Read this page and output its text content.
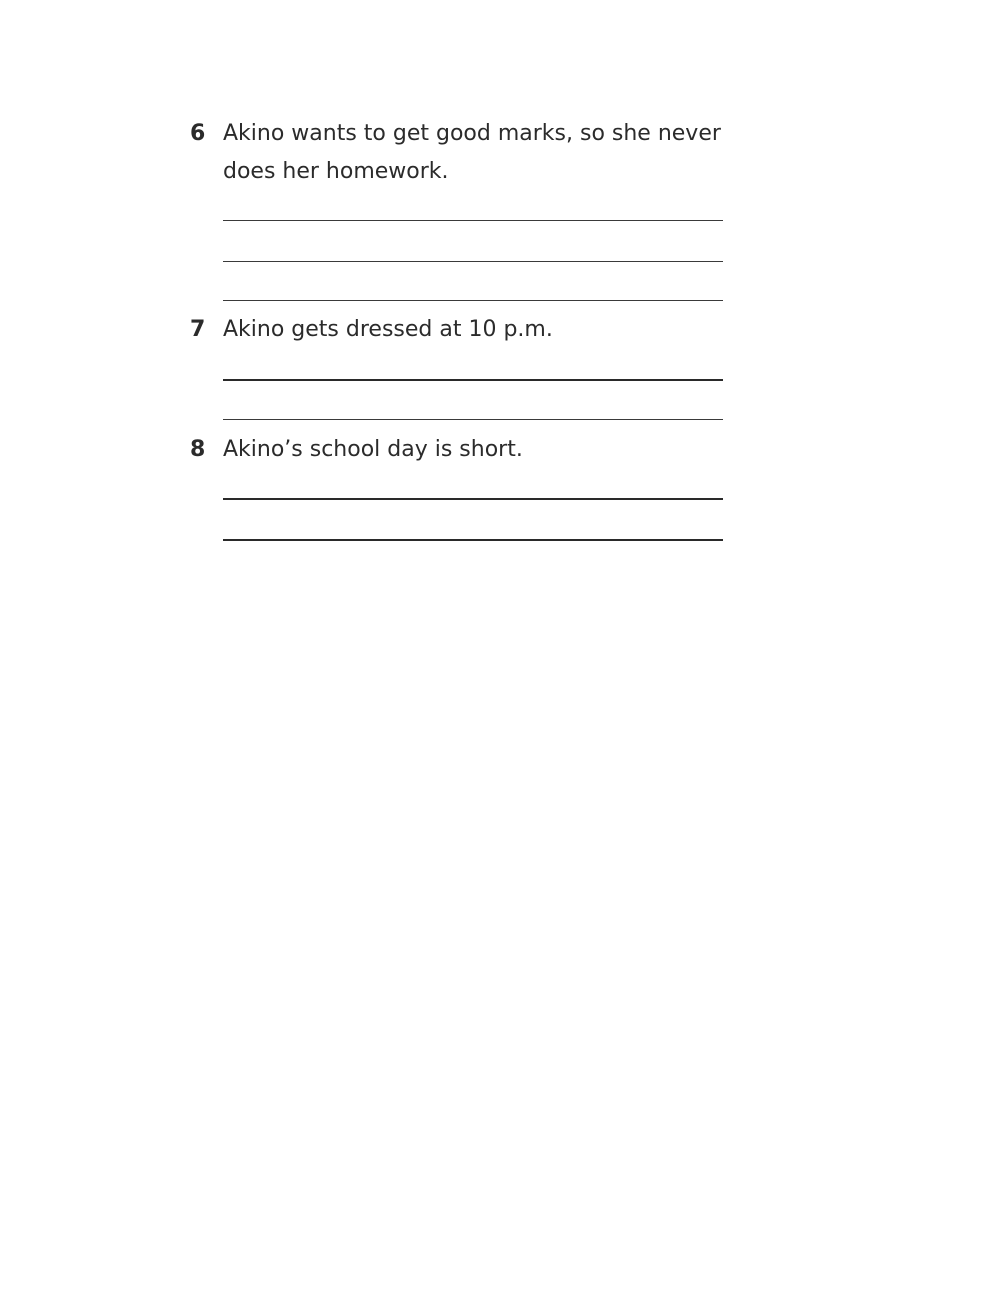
6 Akino wants to get good marks, so she never
does her homework.
7 Akino gets dressed at 10 p.m.
8 Akino’s school day is short.
